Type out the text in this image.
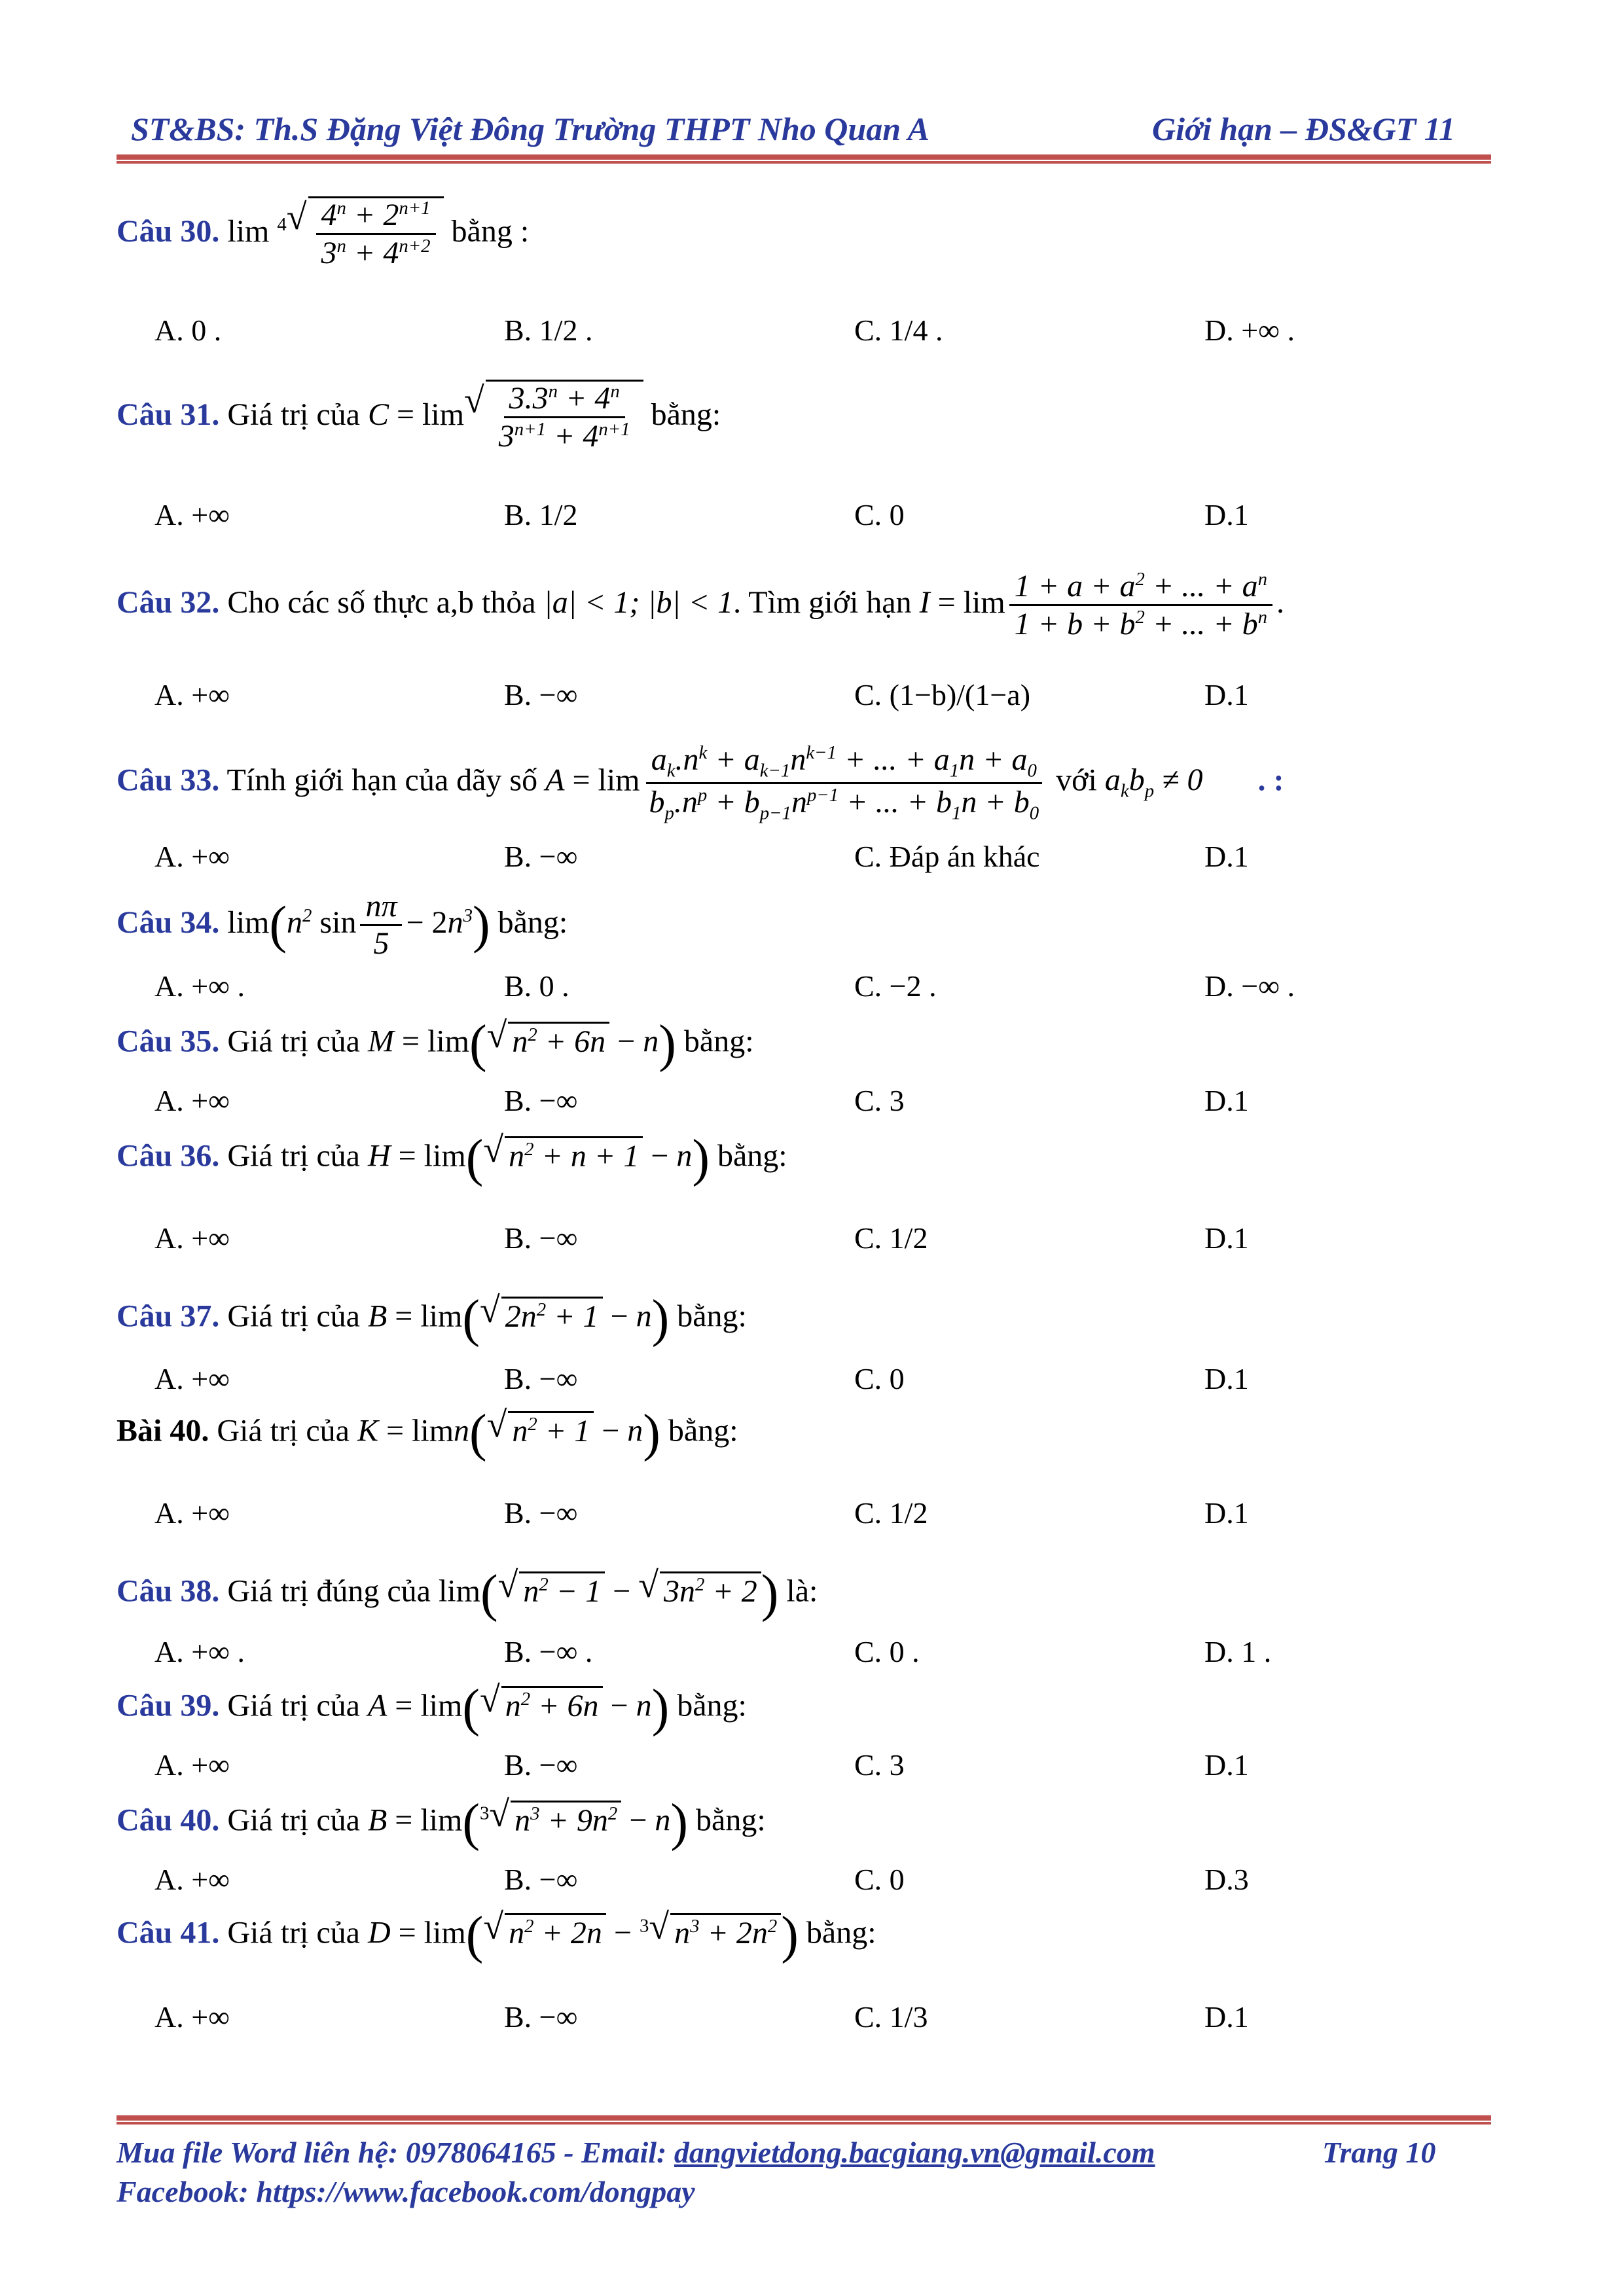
ST&BS: Th.S Đặng Việt Đông Trường THPT Nho Quan A	Giới hạn – ĐS&GT 11
Câu 30. $\lim ^4√ \frac{4^n + 2^{n+1}}{3^n + 4^{n+2}}$ bằng :
A. 0 .	B. 1/2 .	C. 1/4 .	D. +∞ .
Câu 31. Giá trị của $C = \lim√ \frac{3.3^n + 4^n}{3^{n+1} + 4^{n+1}}$ bằng:
A. +∞	B. 1/2	C. 0	D.1
Câu 32. Cho các số thực a,b thỏa |a| < 1; |b| < 1. Tìm giới hạn $I = \lim \frac{1 + a + a^2 + ... + a^n}{1 + b + b^2 + ... + b^n}$ .
A. +∞	B. −∞	C. (1−b)/(1−a)	D.1
Câu 33. Tính giới hạn của dãy số $A = \lim \frac{a_k.n^k + a_{k-1}n^{k-1} + ... + a_1n + a_0}{b_p.n^p + b_{p-1}n^{p-1} + ... + b_1n + b_0}$ với $a_kb_p \ne 0$ . :
A. +∞	B. −∞	C. Đáp án khác	D.1
Câu 34. $\lim(n^2$ $\sin \frac{n\pi}{5} - 2n^3$) bằng:
A. +∞ .	B. 0 .	C. −2 .	D. −∞ .
Câu 35. Giá trị của M = lim(√ $n^2 + 6n - n$) bằng:
A. +∞	B. −∞	C. 3	D.1
Câu 36. Giá trị của H = lim(√ $n^2 + n + 1 - n$) bằng:
A. +∞	B. −∞	C. 1/2	D.1
Câu 37. Giá trị của B = lim(√ $2n^2 + 1 - n$) bằng:
A. +∞	B. −∞	C. 0	D.1
Bài 40. Giá trị của K = limn(√ $n^2 + 1 - n$) bằng:
A. +∞	B. −∞	C. 1/2	D.1
Câu 38. Giá trị đúng của lim(√ $n^2 - 1$ − √ $3n^2 + 2$) là:
A. +∞ .	B. −∞ .	C. 0 .	D. 1 .
Câu 39. Giá trị của A = lim(√ $n^2 + 6n - n$) bằng:
A. +∞	B. −∞	C. 3	D.1
Câu 40. Giá trị của B = lim($^3$√ $n^3 + 9n^2 - n$) bằng:
A. +∞	B. −∞	C. 0	D.3
Câu 41. Giá trị của D = lim(√ $n^2 + 2n - ^3√$ $n^3 + 2n^2$) bằng:
A. +∞	B. −∞	C. 1/3	D.1
Mua file Word liên hệ: 0978064165 - Email: dangvietdong.bacgiang.vn@gmail.com	Trang 10
Facebook: https://www.facebook.com/dongpay
